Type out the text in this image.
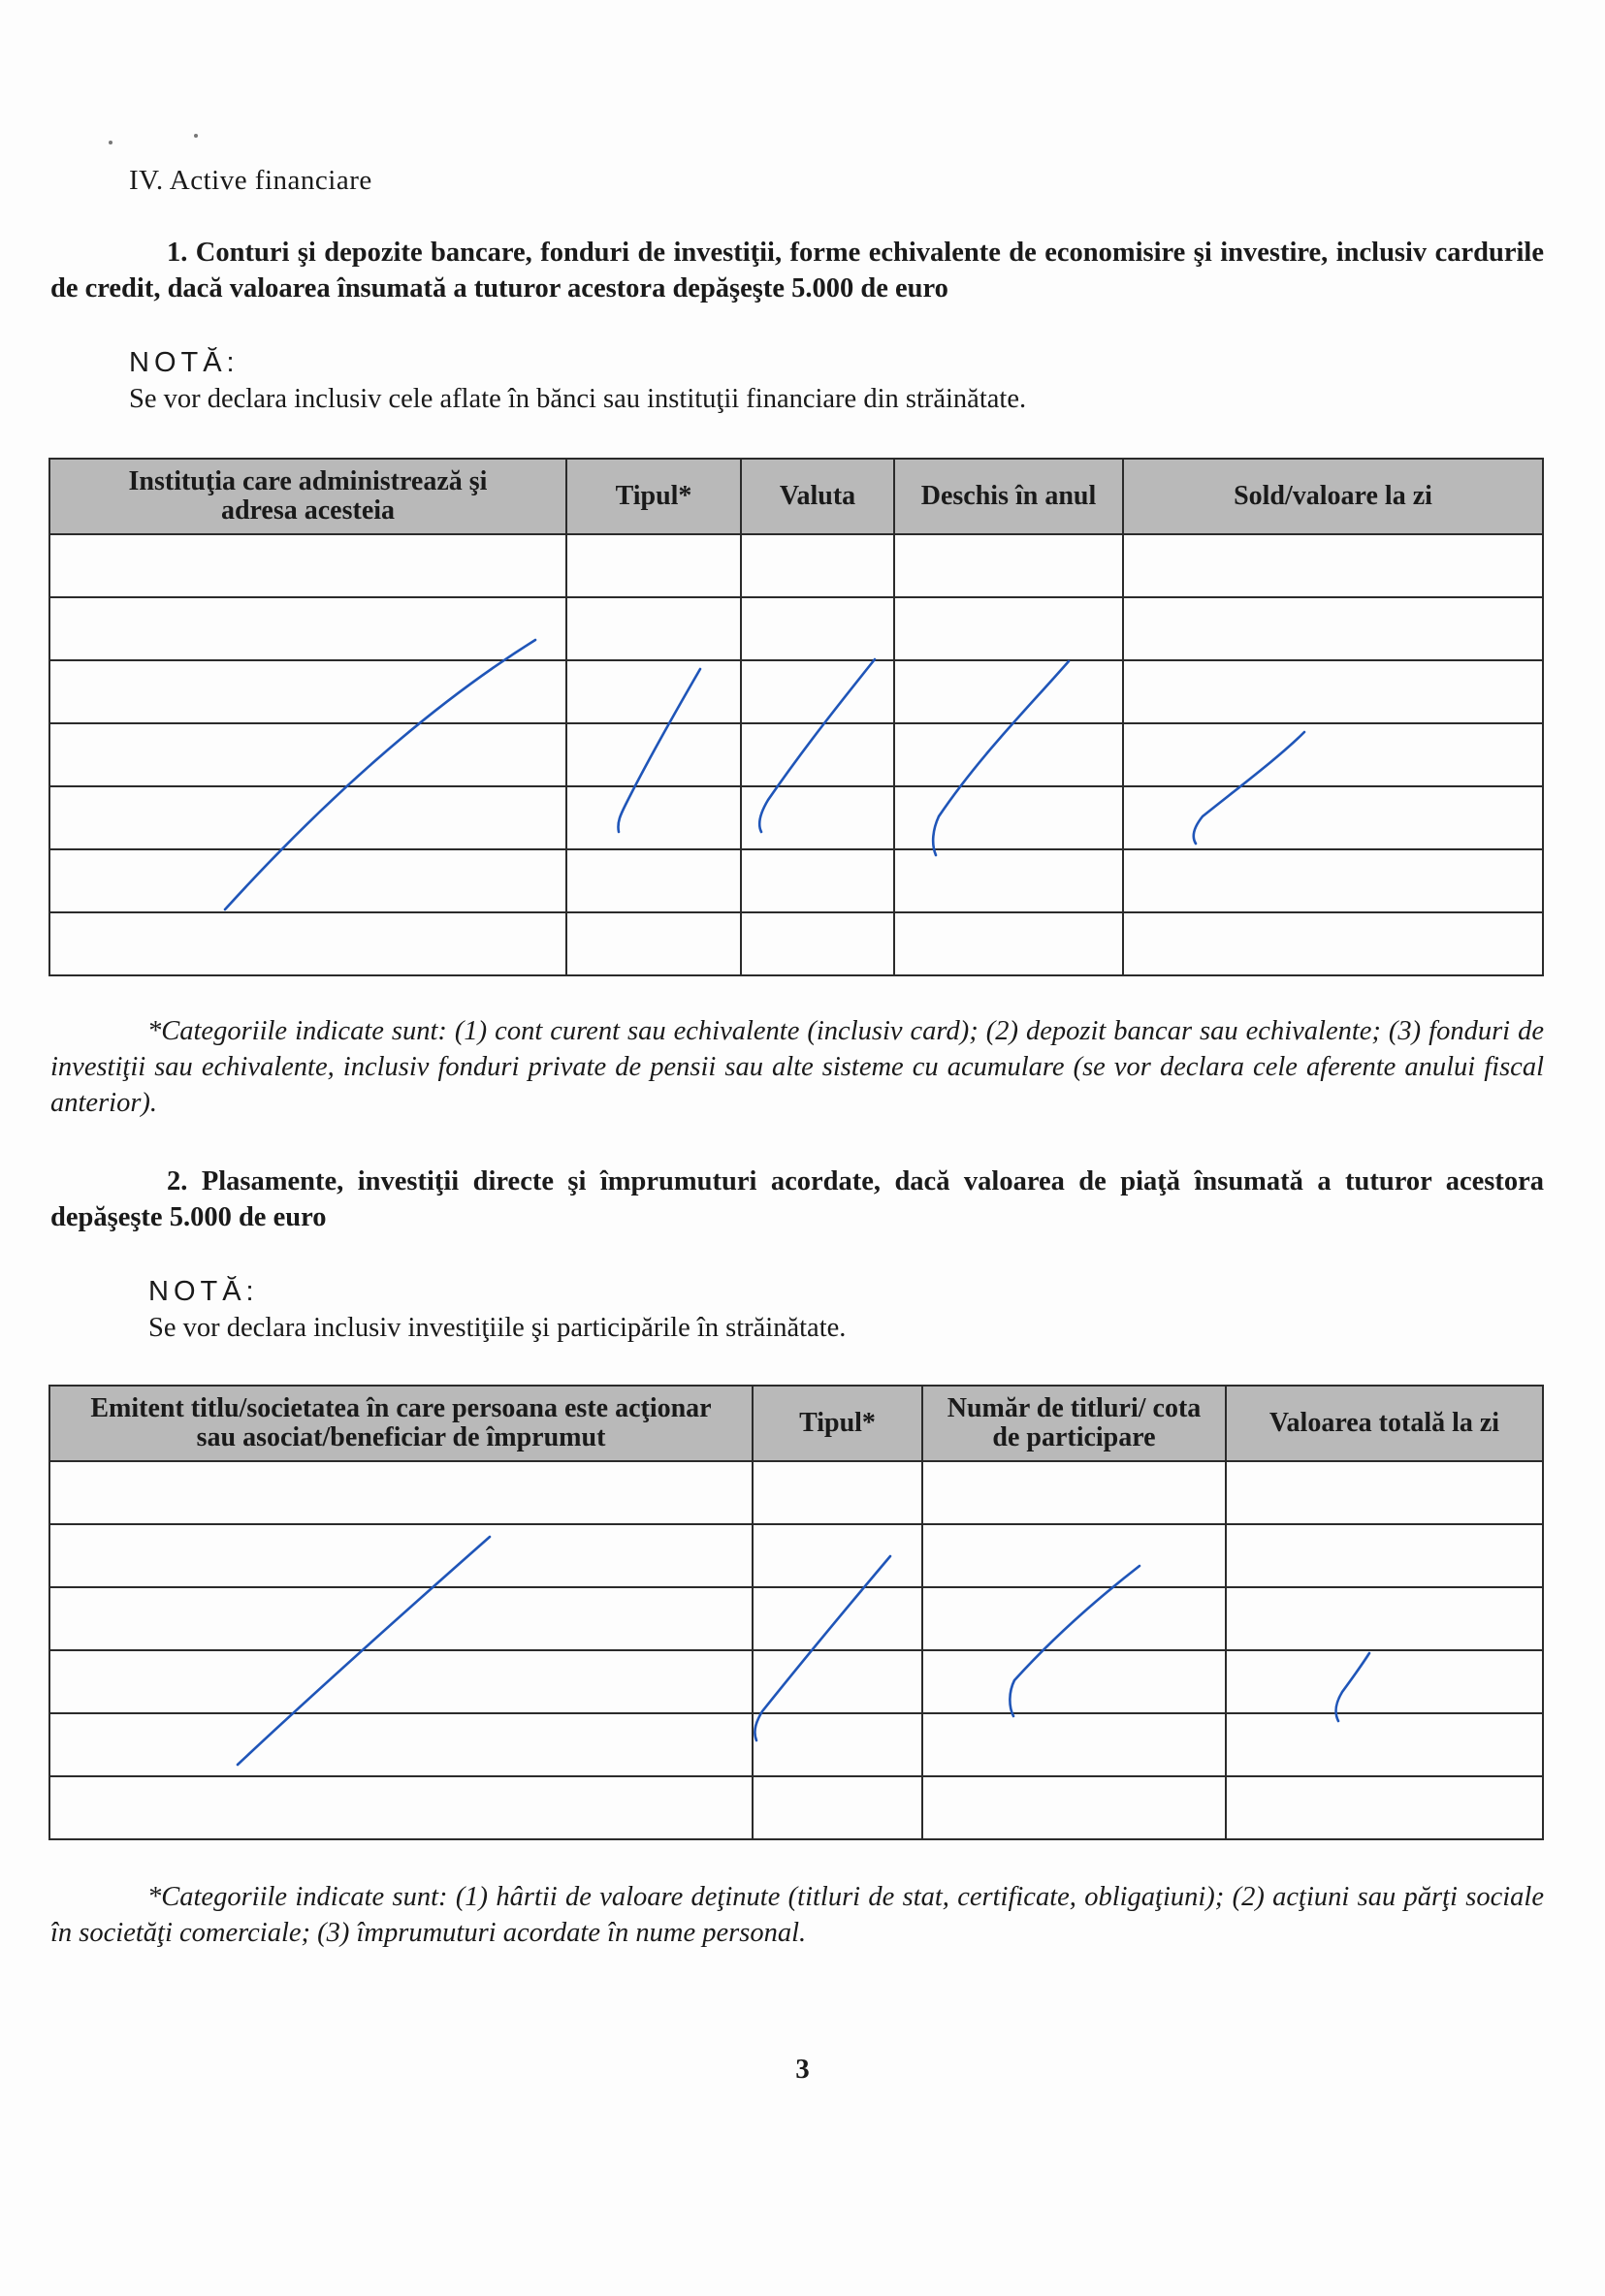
IV. Active financiare
1. Conturi şi depozite bancare, fonduri de investiţii, forme echivalente de economisire şi investire, inclusiv cardurile de credit, dacă valoarea însumată a tuturor acestora depăşeşte 5.000 de euro
NOTĂ:
Se vor declara inclusiv cele aflate în bănci sau instituţii financiare din străinătate.
Instituţia care administrează şi adresa acesteia	Tipul*	Valuta	Deschis în anul	Sold/valoare la zi

*Categoriile indicate sunt: (1) cont curent sau echivalente (inclusiv card); (2) depozit bancar sau echivalente; (3) fonduri de investiţii sau echivalente, inclusiv fonduri private de pensii sau alte sisteme cu acumulare (se vor declara cele aferente anului fiscal anterior).
2. Plasamente, investiţii directe şi împrumuturi acordate, dacă valoarea de piaţă însumată a tuturor acestora depăşeşte 5.000 de euro
NOTĂ:
Se vor declara inclusiv investiţiile şi participările în străinătate.
Emitent titlu/societatea în care persoana este acţionar sau asociat/beneficiar de împrumut	Tipul*	Număr de titluri/ cota de participare	Valoarea totală la zi

*Categoriile indicate sunt: (1) hârtii de valoare deţinute (titluri de stat, certificate, obligaţiuni); (2) acţiuni sau părţi sociale în societăţi comerciale; (3) împrumuturi acordate în nume personal.
3
